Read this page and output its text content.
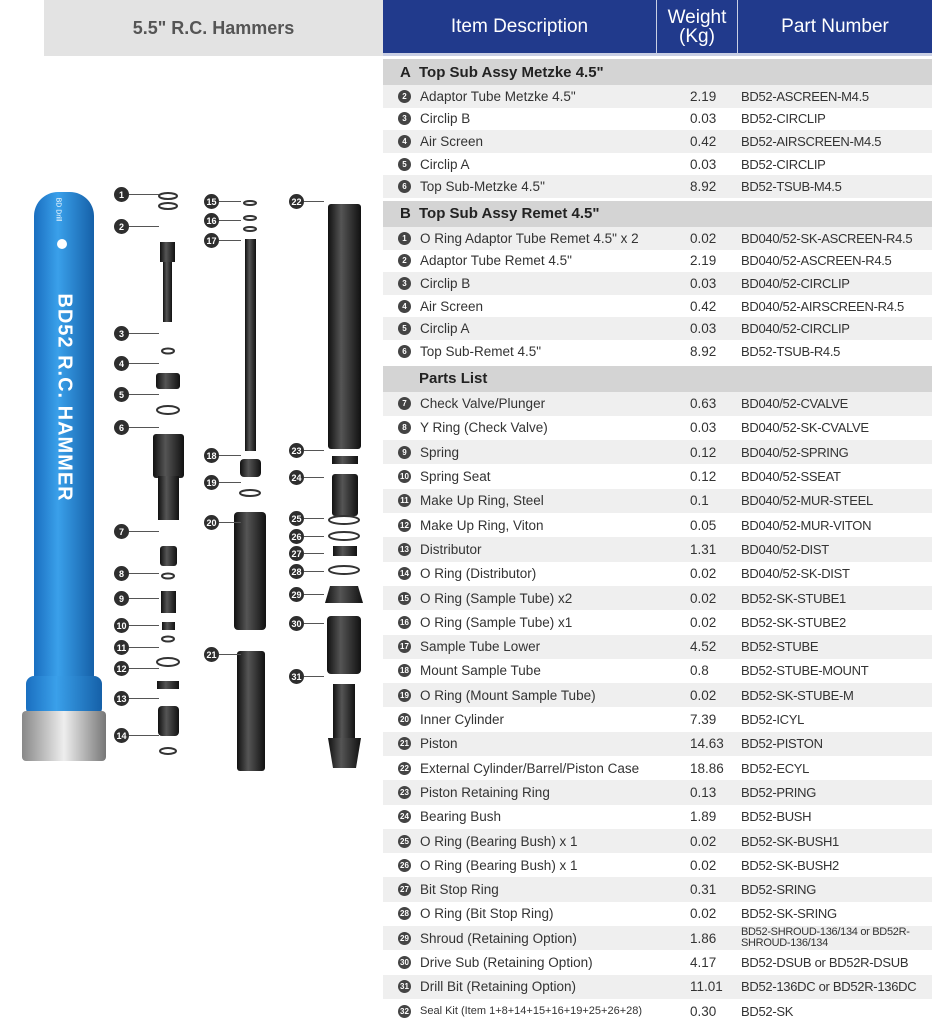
5.5" R.C. Hammers
BD52 R.C. HAMMER
BD Drill
1
2
3
4
5
6
7
8
9
10
11
12
13
14
15
16
17
18
19
20
21
22
23
24
25
26
27
28
29
30
31
Item Description	Weight (Kg)	Part Number
A Top Sub Assy Metzke 4.5"
2 Adaptor Tube Metzke 4.5"	2.19	BD52-ASCREEN-M4.5
3 Circlip B	0.03	BD52-CIRCLIP
4 Air Screen	0.42	BD52-AIRSCREEN-M4.5
5 Circlip A	0.03	BD52-CIRCLIP
6 Top Sub-Metzke 4.5"	8.92	BD52-TSUB-M4.5
B Top Sub Assy Remet 4.5"
1 O Ring Adaptor Tube Remet 4.5" x 2	0.02	BD040/52-SK-ASCREEN-R4.5
2 Adaptor Tube Remet 4.5"	2.19	BD040/52-ASCREEN-R4.5
3 Circlip B	0.03	BD040/52-CIRCLIP
4 Air Screen	0.42	BD040/52-AIRSCREEN-R4.5
5 Circlip A	0.03	BD040/52-CIRCLIP
6 Top Sub-Remet 4.5"	8.92	BD52-TSUB-R4.5
Parts List
7 Check Valve/Plunger	0.63	BD040/52-CVALVE
8 Y Ring (Check Valve)	0.03	BD040/52-SK-CVALVE
9 Spring	0.12	BD040/52-SPRING
10 Spring Seat	0.12	BD040/52-SSEAT
11 Make Up Ring, Steel	0.1	BD040/52-MUR-STEEL
12 Make Up Ring, Viton	0.05	BD040/52-MUR-VITON
13 Distributor	1.31	BD040/52-DIST
14 O Ring (Distributor)	0.02	BD040/52-SK-DIST
15 O Ring (Sample Tube) x2	0.02	BD52-SK-STUBE1
16 O Ring (Sample Tube) x1	0.02	BD52-SK-STUBE2
17 Sample Tube Lower	4.52	BD52-STUBE
18 Mount Sample Tube	0.8	BD52-STUBE-MOUNT
19 O Ring (Mount Sample Tube)	0.02	BD52-SK-STUBE-M
20 Inner Cylinder	7.39	BD52-ICYL
21 Piston	14.63	BD52-PISTON
22 External Cylinder/Barrel/Piston Case	18.86	BD52-ECYL
23 Piston Retaining Ring	0.13	BD52-PRING
24 Bearing Bush	1.89	BD52-BUSH
25 O Ring (Bearing Bush) x 1	0.02	BD52-SK-BUSH1
26 O Ring (Bearing Bush) x 1	0.02	BD52-SK-BUSH2
27 Bit Stop Ring	0.31	BD52-SRING
28 O Ring (Bit Stop Ring)	0.02	BD52-SK-SRING
29 Shroud (Retaining Option)	1.86	BD52-SHROUD-136/134 or BD52R-SHROUD-136/134
30 Drive Sub (Retaining Option)	4.17	BD52-DSUB or BD52R-DSUB
31 Drill Bit (Retaining Option)	11.01	BD52-136DC or BD52R-136DC
32 Seal Kit (Item 1+8+14+15+16+19+25+26+28)	0.30	BD52-SK
